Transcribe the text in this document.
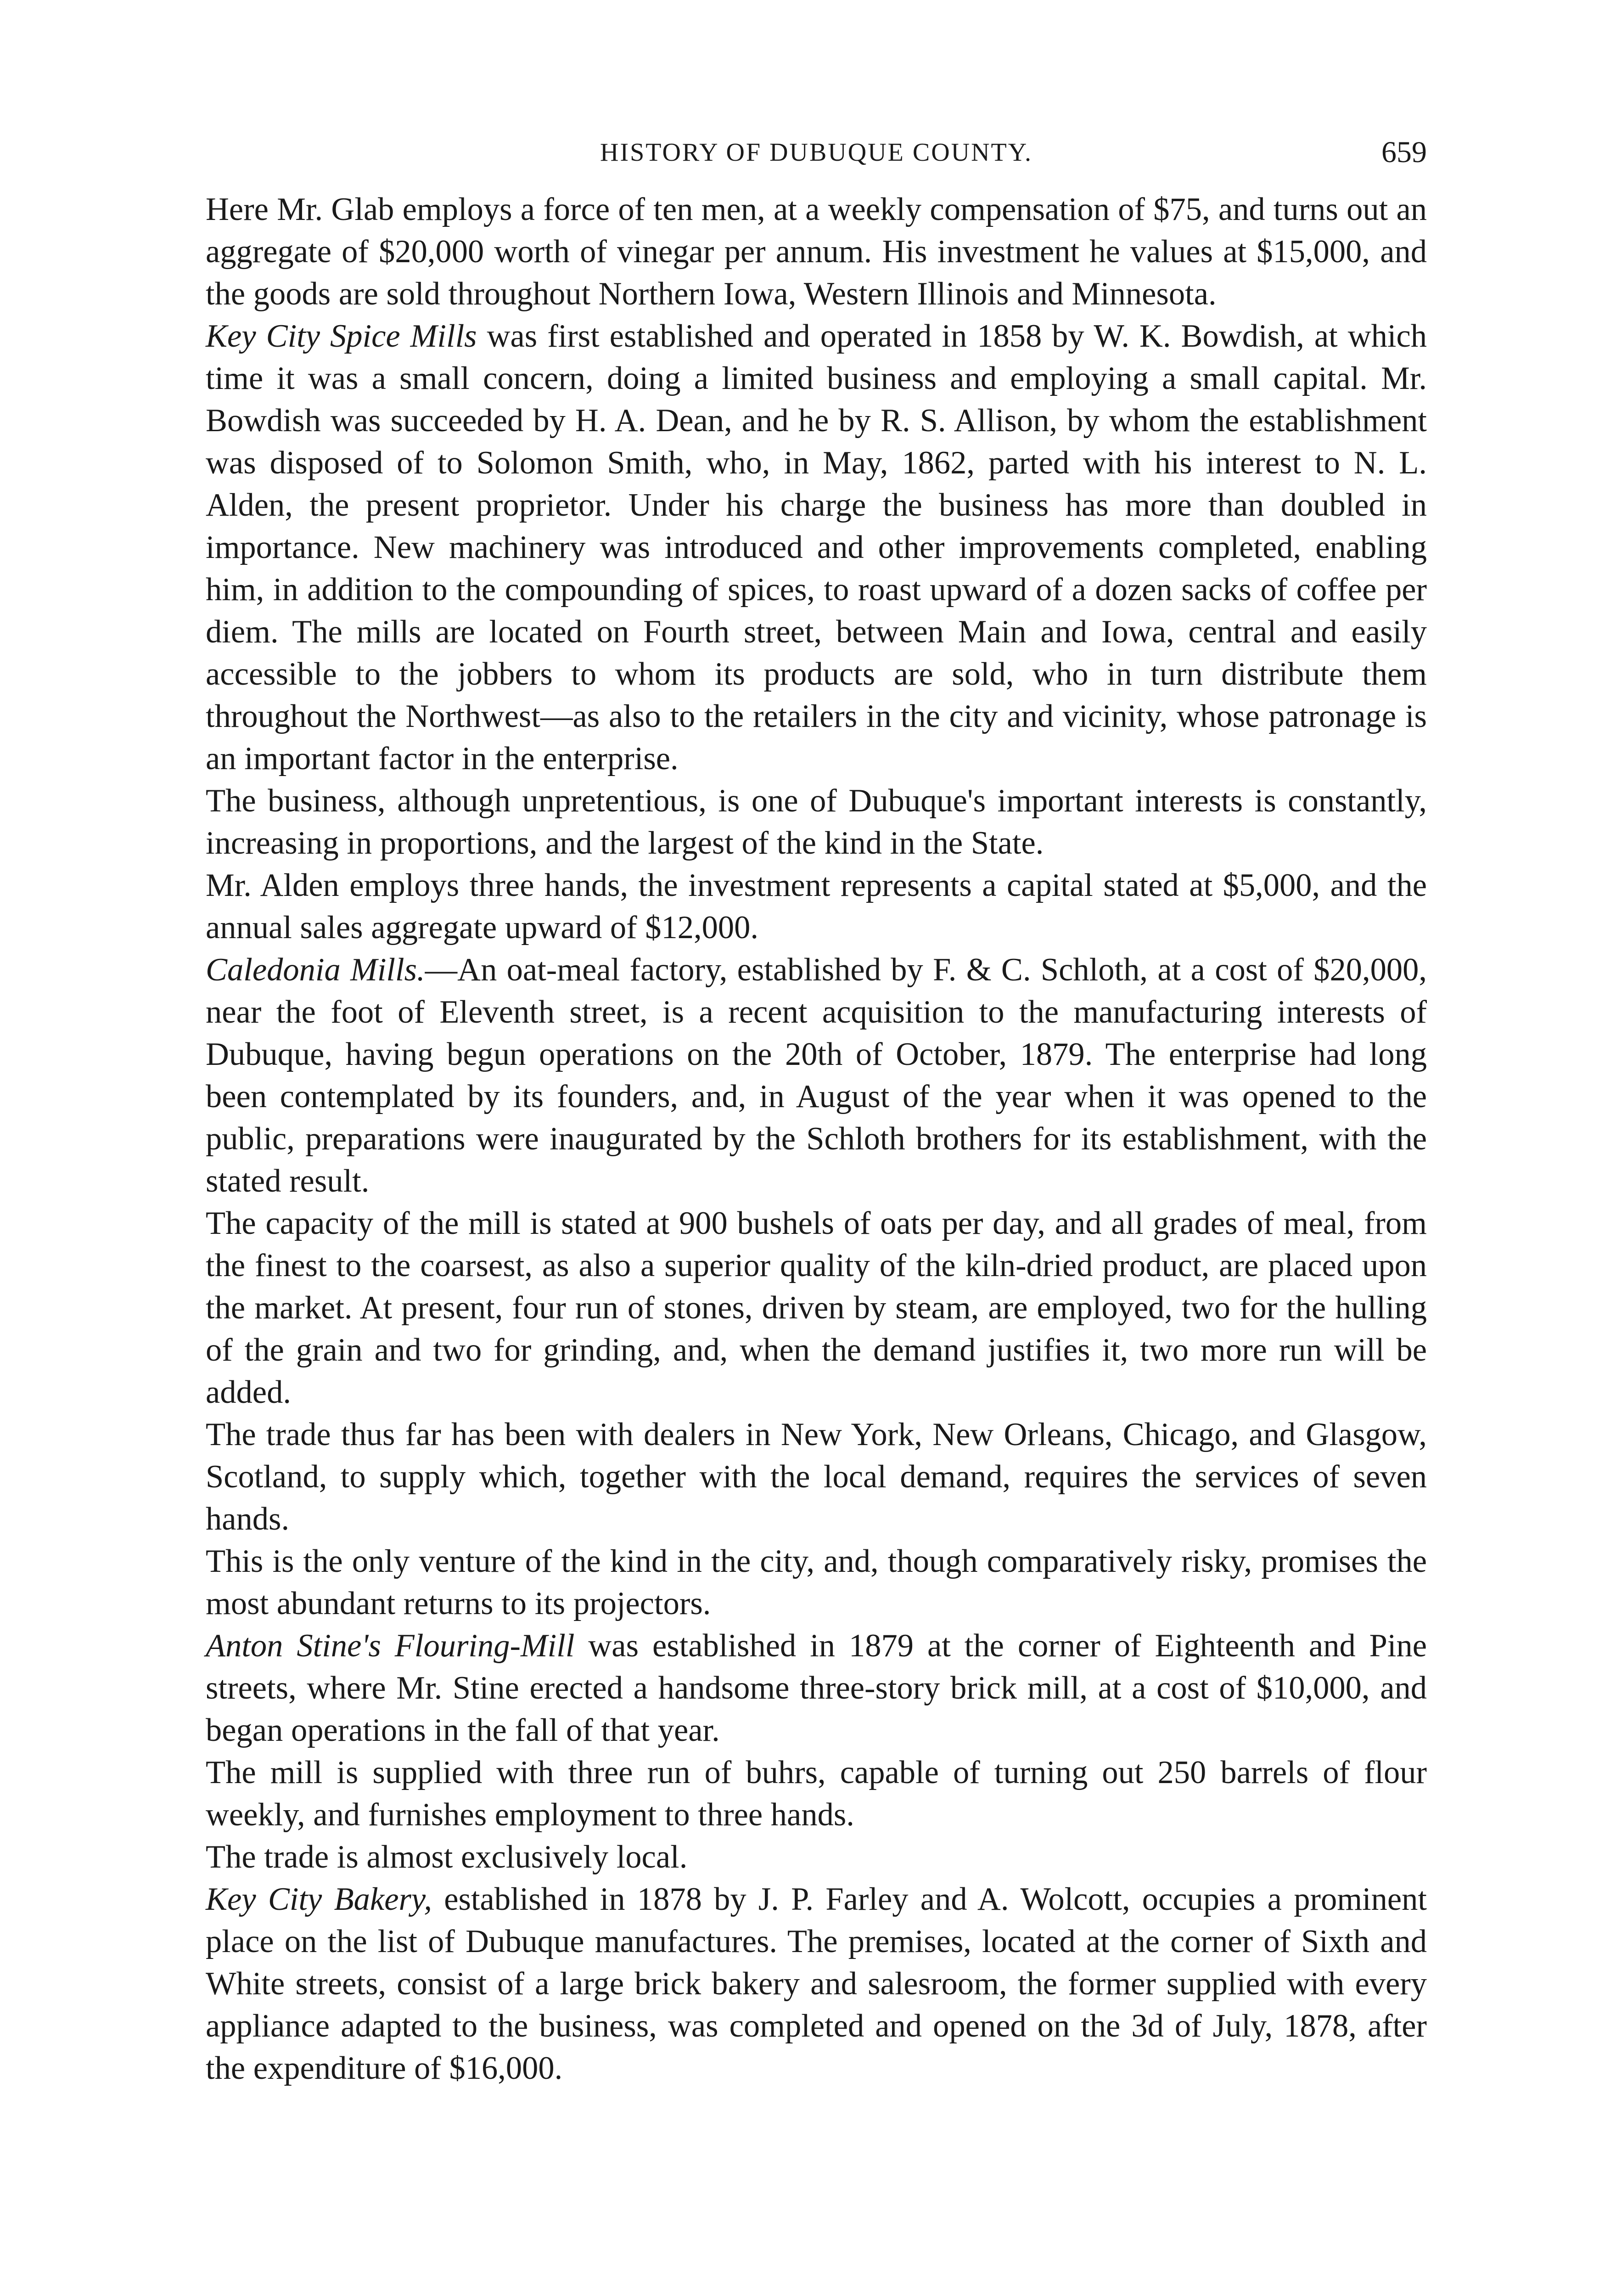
HISTORY OF DUBUQUE COUNTY.	659

Here Mr. Glab employs a force of ten men, at a weekly compensation of $75, and turns out an aggregate of $20,000 worth of vinegar per annum. His investment he values at $15,000, and the goods are sold throughout Northern Iowa, Western Illinois and Minnesota.

Key City Spice Mills was first established and operated in 1858 by W. K. Bowdish, at which time it was a small concern, doing a limited business and employing a small capital. Mr. Bowdish was succeeded by H. A. Dean, and he by R. S. Allison, by whom the establishment was disposed of to Solomon Smith, who, in May, 1862, parted with his interest to N. L. Alden, the present proprietor. Under his charge the business has more than doubled in importance. New machinery was introduced and other improvements completed, enabling him, in addition to the compounding of spices, to roast upward of a dozen sacks of coffee per diem. The mills are located on Fourth street, between Main and Iowa, central and easily accessible to the jobbers to whom its products are sold, who in turn distribute them throughout the Northwest—as also to the retailers in the city and vicinity, whose patronage is an important factor in the enterprise.

The business, although unpretentious, is one of Dubuque's important interests is constantly, increasing in proportions, and the largest of the kind in the State.

Mr. Alden employs three hands, the investment represents a capital stated at $5,000, and the annual sales aggregate upward of $12,000.

Caledonia Mills.—An oat-meal factory, established by F. & C. Schloth, at a cost of $20,000, near the foot of Eleventh street, is a recent acquisition to the manufacturing interests of Dubuque, having begun operations on the 20th of October, 1879. The enterprise had long been contemplated by its founders, and, in August of the year when it was opened to the public, preparations were inaugurated by the Schloth brothers for its establishment, with the stated result.

The capacity of the mill is stated at 900 bushels of oats per day, and all grades of meal, from the finest to the coarsest, as also a superior quality of the kiln-dried product, are placed upon the market. At present, four run of stones, driven by steam, are employed, two for the hulling of the grain and two for grinding, and, when the demand justifies it, two more run will be added.

The trade thus far has been with dealers in New York, New Orleans, Chicago, and Glasgow, Scotland, to supply which, together with the local demand, requires the services of seven hands.

This is the only venture of the kind in the city, and, though comparatively risky, promises the most abundant returns to its projectors.

Anton Stine's Flouring-Mill was established in 1879 at the corner of Eighteenth and Pine streets, where Mr. Stine erected a handsome three-story brick mill, at a cost of $10,000, and began operations in the fall of that year.

The mill is supplied with three run of buhrs, capable of turning out 250 barrels of flour weekly, and furnishes employment to three hands.

The trade is almost exclusively local.

Key City Bakery, established in 1878 by J. P. Farley and A. Wolcott, occupies a prominent place on the list of Dubuque manufactures. The premises, located at the corner of Sixth and White streets, consist of a large brick bakery and salesroom, the former supplied with every appliance adapted to the business, was completed and opened on the 3d of July, 1878, after the expenditure of $16,000.
